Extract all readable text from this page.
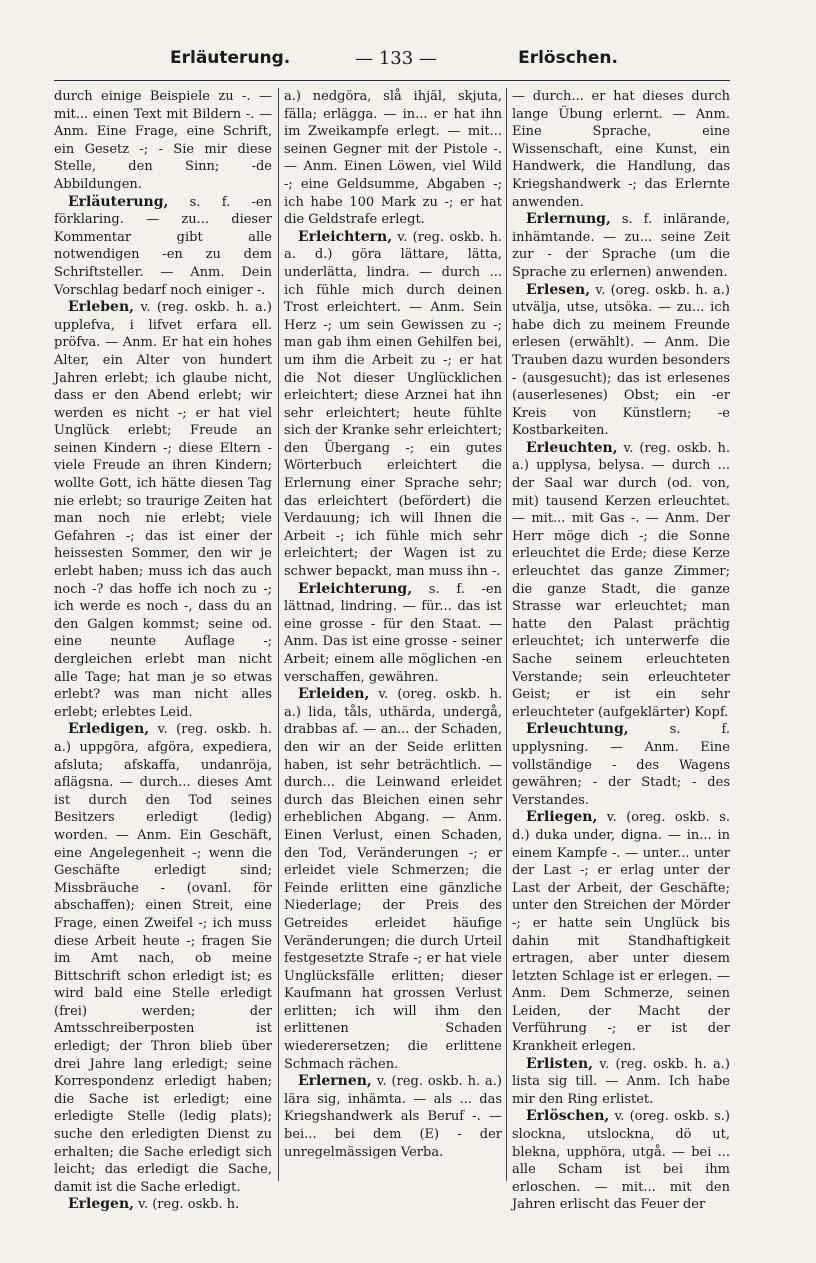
Erläuterung.	— 133 —	Erlöschen.

durch einige Beispiele zu -. — mit... einen Text mit Bildern -. — Anm. Eine Frage, eine Schrift, ein Gesetz -; - Sie mir diese Stelle, den Sinn; -de Abbildungen.

Erläuterung, s. f. -en förklaring. — zu... dieser Kommentar gibt alle notwendigen -en zu dem Schriftsteller. — Anm. Dein Vorschlag bedarf noch einiger -.

Erleben, v. (reg. oskb. h. a.) upplefva, i lifvet erfara ell. pröfva. — Anm. Er hat ein hohes Alter, ein Alter von hundert Jahren erlebt; ich glaube nicht, dass er den Abend erlebt; wir werden es nicht -; er hat viel Unglück erlebt; Freude an seinen Kindern -; diese Eltern - viele Freude an ihren Kindern; wollte Gott, ich hätte diesen Tag nie erlebt; so traurige Zeiten hat man noch nie erlebt; viele Gefahren -; das ist einer der heissesten Sommer, den wir je erlebt haben; muss ich das auch noch -? das hoffe ich noch zu -; ich werde es noch -, dass du an den Galgen kommst; seine od. eine neunte Auflage -; dergleichen erlebt man nicht alle Tage; hat man je so etwas erlebt? was man nicht alles erlebt; erlebtes Leid.

Erledigen, v. (reg. oskb. h. a.) uppgöra, afgöra, expediera, afsluta; afskaffa, undanröja, aflägsna. — durch... dieses Amt ist durch den Tod seines Besitzers erledigt (ledig) worden. — Anm. Ein Geschäft, eine Angelegenheit -; wenn die Geschäfte erledigt sind; Missbräuche - (ovanl. för abschaffen); einen Streit, eine Frage, einen Zweifel -; ich muss diese Arbeit heute -; fragen Sie im Amt nach, ob meine Bittschrift schon erledigt ist; es wird bald eine Stelle erledigt (frei) werden; der Amtsschreiberposten ist erledigt; der Thron blieb über drei Jahre lang erledigt; seine Korrespondenz erledigt haben; die Sache ist erledigt; eine erledigte Stelle (ledig plats); suche den erledigten Dienst zu erhalten; die Sache erledigt sich leicht; das erledigt die Sache, damit ist die Sache erledigt.

Erlegen, v. (reg. oskb. h.

a.) nedgöra, slå ihjäl, skjuta, fälla; erlägga. — in... er hat ihn im Zweikampfe erlegt. — mit... seinen Gegner mit der Pistole -. — Anm. Einen Löwen, viel Wild -; eine Geldsumme, Abgaben -; ich habe 100 Mark zu -; er hat die Geldstrafe erlegt.

Erleichtern, v. (reg. oskb. h. a. d.) göra lättare, lätta, underlätta, lindra. — durch ... ich fühle mich durch deinen Trost erleichtert. — Anm. Sein Herz -; um sein Gewissen zu -; man gab ihm einen Gehilfen bei, um ihm die Arbeit zu -; er hat die Not dieser Unglücklichen erleichtert; diese Arznei hat ihn sehr erleichtert; heute fühlte sich der Kranke sehr erleichtert; den Übergang -; ein gutes Wörterbuch erleichtert die Erlernung einer Sprache sehr; das erleichtert (befördert) die Verdauung; ich will Ihnen die Arbeit -; ich fühle mich sehr erleichtert; der Wagen ist zu schwer bepackt, man muss ihn -.

Erleichterung, s. f. -en lättnad, lindring. — für... das ist eine grosse - für den Staat. — Anm. Das ist eine grosse - seiner Arbeit; einem alle möglichen -en verschaffen, gewähren.

Erleiden, v. (oreg. oskb. h. a.) lida, tåls, uthärda, undergå, drabbas af. — an... der Schaden, den wir an der Seide erlitten haben, ist sehr beträchtlich. — durch... die Leinwand erleidet durch das Bleichen einen sehr erheblichen Abgang. — Anm. Einen Verlust, einen Schaden, den Tod, Veränderungen -; er erleidet viele Schmerzen; die Feinde erlitten eine gänzliche Niederlage; der Preis des Getreides erleidet häufige Veränderungen; die durch Urteil festgesetzte Strafe -; er hat viele Unglücksfälle erlitten; dieser Kaufmann hat grossen Verlust erlitten; ich will ihm den erlittenen Schaden wiederersetzen; die erlittene Schmach rächen.

Erlernen, v. (reg. oskb. h. a.) lära sig, inhämta. — als ... das Kriegshandwerk als Beruf -. — bei... bei dem (E) - der unregelmässigen Verba.

— durch... er hat dieses durch lange Übung erlernt. — Anm. Eine Sprache, eine Wissenschaft, eine Kunst, ein Handwerk, die Handlung, das Kriegshandwerk -; das Erlernte anwenden.

Erlernung, s. f. inlärande, inhämtande. — zu... seine Zeit zur - der Sprache (um die Sprache zu erlernen) anwenden.

Erlesen, v. (oreg. oskb. h. a.) utvälja, utse, utsöka. — zu... ich habe dich zu meinem Freunde erlesen (erwählt). — Anm. Die Trauben dazu wurden besonders - (ausgesucht); das ist erlesenes (auserlesenes) Obst; ein -er Kreis von Künstlern; -e Kostbarkeiten.

Erleuchten, v. (reg. oskb. h. a.) upplysa, belysa. — durch ... der Saal war durch (od. von, mit) tausend Kerzen erleuchtet. — mit... mit Gas -. — Anm. Der Herr möge dich -; die Sonne erleuchtet die Erde; diese Kerze erleuchtet das ganze Zimmer; die ganze Stadt, die ganze Strasse war erleuchtet; man hatte den Palast prächtig erleuchtet; ich unterwerfe die Sache seinem erleuchteten Verstande; sein erleuchteter Geist; er ist ein sehr erleuchteter (aufgeklärter) Kopf.

Erleuchtung, s. f. upplysning. — Anm. Eine vollständige - des Wagens gewähren; - der Stadt; - des Verstandes.

Erliegen, v. (oreg. oskb. s. d.) duka under, digna. — in... in einem Kampfe -. — unter... unter der Last -; er erlag unter der Last der Arbeit, der Geschäfte; unter den Streichen der Mörder -; er hatte sein Unglück bis dahin mit Standhaftigkeit ertragen, aber unter diesem letzten Schlage ist er erlegen. — Anm. Dem Schmerze, seinen Leiden, der Macht der Verführung -; er ist der Krankheit erlegen.

Erlisten, v. (reg. oskb. h. a.) lista sig till. — Anm. Ich habe mir den Ring erlistet.

Erlöschen, v. (oreg. oskb. s.) slockna, utslockna, dö ut, blekna, upphöra, utgå. — bei ... alle Scham ist bei ihm erloschen. — mit... mit den Jahren erlischt das Feuer der
